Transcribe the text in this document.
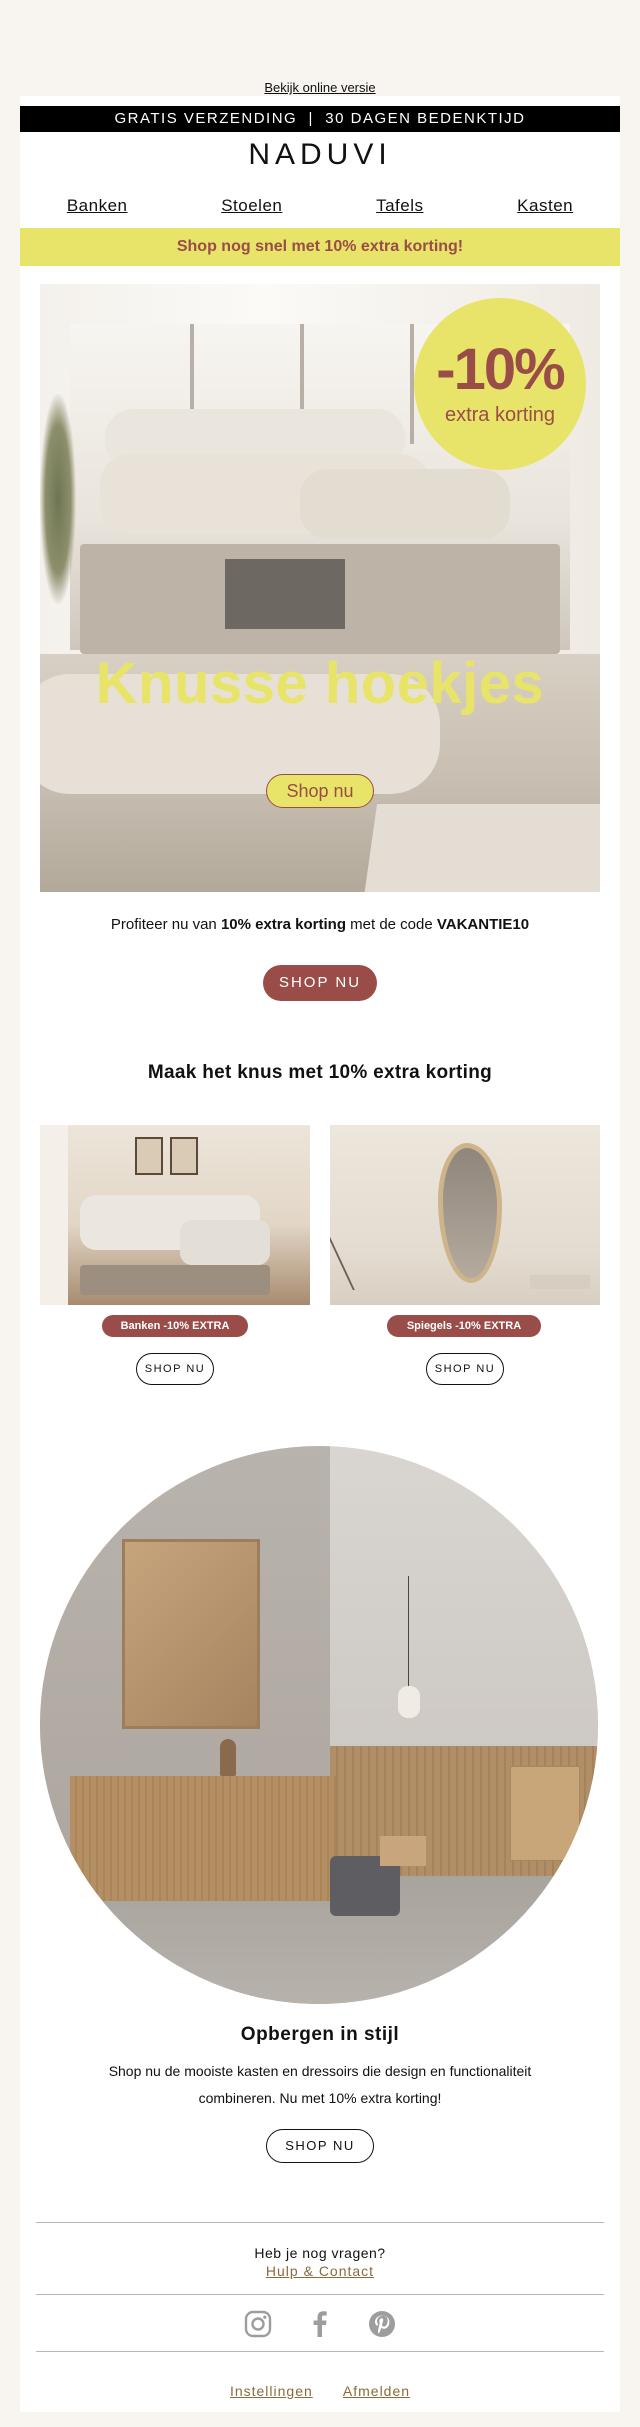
Bekijk online versie
GRATIS VERZENDING  |  30 DAGEN BEDENKTIJD
NADUVI
Banken	Stoelen	Tafels	Kasten
Shop nog snel met 10% extra korting!
-10%
extra korting
Knusse hoekjes
Shop nu
Profiteer nu van 10% extra korting met de code VAKANTIE10
SHOP NU
Maak het knus met 10% extra korting
Banken -10% EXTRA
SHOP NU
Spiegels -10% EXTRA
SHOP NU
Opbergen in stijl
Shop nu de mooiste kasten en dressoirs die design en functionaliteit
combineren. Nu met 10% extra korting!
SHOP NU
Heb je nog vragen?
Hulp & Contact
Instellingen Afmelden
